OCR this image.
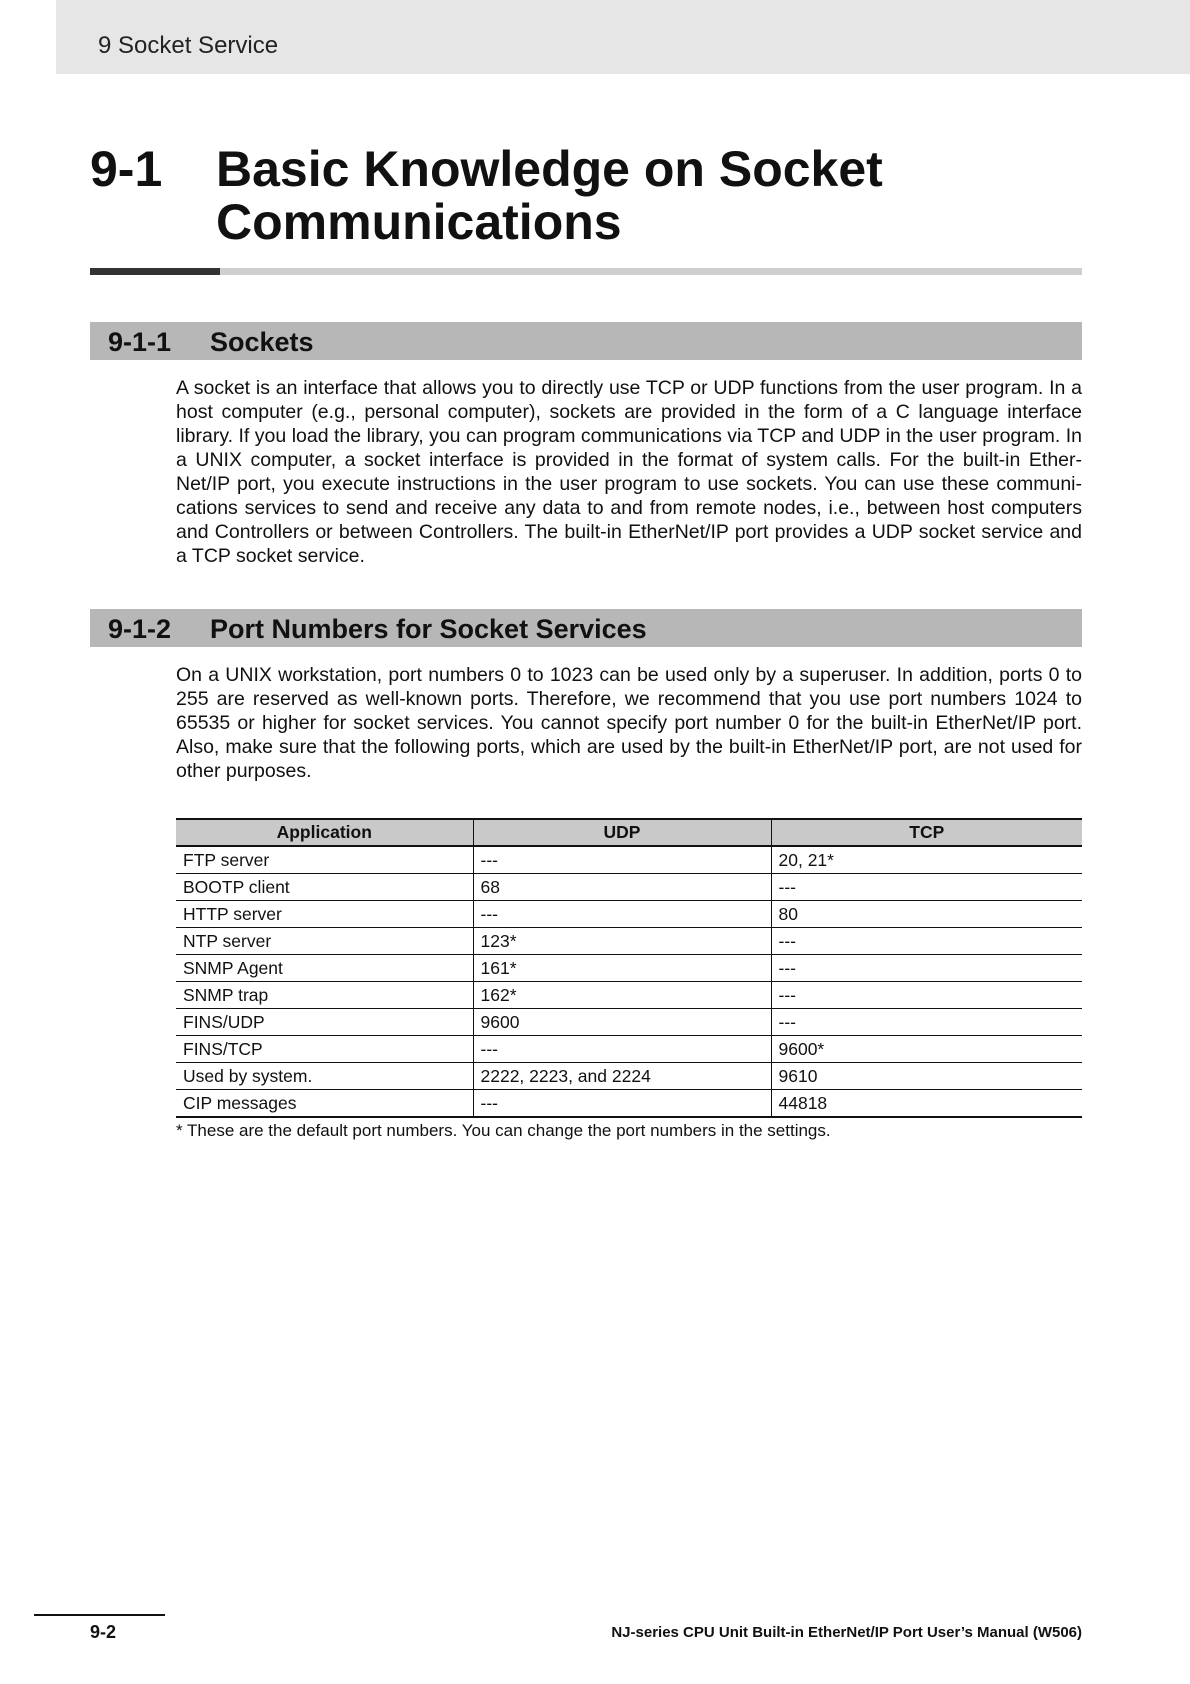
9 Socket Service
9-1 Basic Knowledge on Socket Communications
9-1-1 Sockets
A socket is an interface that allows you to directly use TCP or UDP functions from the user program. In a host computer (e.g., personal computer), sockets are provided in the form of a C language interface library. If you load the library, you can program communications via TCP and UDP in the user program. In a UNIX computer, a socket interface is provided in the format of system calls. For the built-in Ether-Net/IP port, you execute instructions in the user program to use sockets. You can use these communi-cations services to send and receive any data to and from remote nodes, i.e., between host computers and Controllers or between Controllers. The built-in EtherNet/IP port provides a UDP socket service and a TCP socket service.
9-1-2 Port Numbers for Socket Services
On a UNIX workstation, port numbers 0 to 1023 can be used only by a superuser. In addition, ports 0 to 255 are reserved as well-known ports. Therefore, we recommend that you use port numbers 1024 to 65535 or higher for socket services. You cannot specify port number 0 for the built-in EtherNet/IP port. Also, make sure that the following ports, which are used by the built-in EtherNet/IP port, are not used for other purposes.
Application	UDP	TCP
FTP server	---	20, 21*
BOOTP client	68	---
HTTP server	---	80
NTP server	123*	---
SNMP Agent	161*	---
SNMP trap	162*	---
FINS/UDP	9600	---
FINS/TCP	---	9600*
Used by system.	2222, 2223, and 2224	9610
CIP messages	---	44818
* These are the default port numbers. You can change the port numbers in the settings.
9-2	NJ-series CPU Unit Built-in EtherNet/IP Port User’s Manual (W506)
